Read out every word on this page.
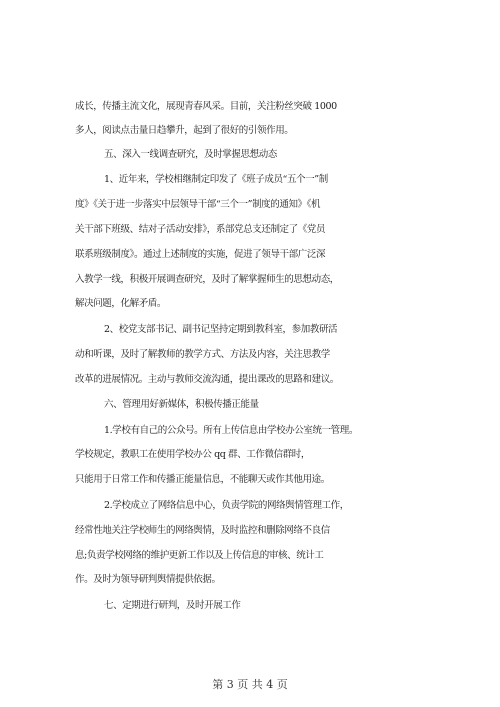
成长，传播主流文化，展现青春风采。目前，关注粉丝突破 1000
多人，阅读点击量日趋攀升，起到了很好的引领作用。
五、深入一线调查研究，及时掌握思想动态
1、近年来，学校相继制定印发了《班子成员“五个一”制
度》《关于进一步落实中层领导干部“三个一”制度的通知》《机
关干部下班级、结对子活动安排》，系部党总支还制定了《党员
联系班级制度》。通过上述制度的实施，促进了领导干部广泛深
入教学一线，积极开展调查研究，及时了解掌握师生的思想动态，
解决问题，化解矛盾。
2、校党支部书记、副书记坚持定期到教科室，参加教研活
动和听课，及时了解教师的教学方式、方法及内容，关注思教学
改革的进展情况。主动与教师交流沟通，提出课改的思路和建议。
六、管理用好新媒体，积极传播正能量
1.学校有自己的公众号。所有上传信息由学校办公室统一管理。
学校规定，教职工在使用学校办公 qq 群、工作微信群时，
只能用于日常工作和传播正能量信息，不能聊天或作其他用途。
2.学校成立了网络信息中心，负责学院的网络舆情管理工作，
经常性地关注学校师生的网络舆情，及时监控和删除网络不良信
息;负责学校网络的维护更新工作以及上传信息的审核、统计工
作。及时为领导研判舆情提供依据。
七、定期进行研判，及时开展工作
第 3 页 共 4 页
